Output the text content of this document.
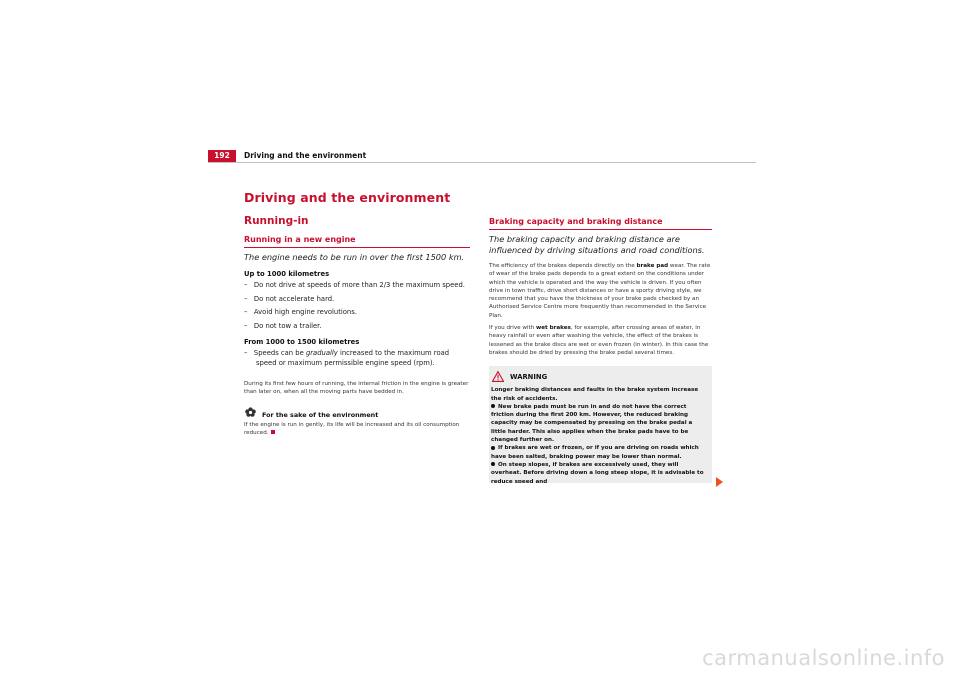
192	Driving and the environment
Driving and the environment
Running-in
Running in a new engine

The engine needs to be run in over the first 1500 km.

Up to 1000 kilometres
–   Do not drive at speeds of more than 2/3 the maximum speed.
–   Do not accelerate hard.
–   Avoid high engine revolutions.
–   Do not tow a trailer.
From 1000 to 1500 kilometres
–   Speeds can be gradually increased to the maximum road speed or maximum permissible engine speed (rpm).

During its first few hours of running, the internal friction in the engine is greater than later on, when all the moving parts have bedded in.

For the sake of the environment

If the engine is run in gently, its life will be increased and its oil consumption reduced.

Braking capacity and braking distance

The braking capacity and braking distance are influenced by driving situations and road conditions.

The efficiency of the brakes depends directly on the brake pad wear. The rate of wear of the brake pads depends to a great extent on the conditions under which the vehicle is operated and the way the vehicle is driven. If you often drive in town traffic, drive short distances or have a sporty driving style, we recommend that you have the thickness of your brake pads checked by an Authorised Service Centre more frequently than recommended in the Service Plan.

If you drive with wet brakes, for example, after crossing areas of water, in heavy rainfall or even after washing the vehicle, the effect of the brakes is lessened as the brake discs are wet or even frozen (in winter). In this case the brakes should be dried by pressing the brake pedal several times.

WARNING

Longer braking distances and faults in the brake system increase the risk of accidents.

New brake pads must be run in and do not have the correct friction during the first 200 km. However, the reduced braking capacity may be compensated by pressing on the brake pedal a little harder. This also applies when the brake pads have to be changed further on.

If brakes are wet or frozen, or if you are driving on roads which have been salted, braking power may be lower than normal.

On steep slopes, if brakes are excessively used, they will overheat. Before driving down a long steep slope, it is advisable to reduce speed and

carmanualsonline.info
